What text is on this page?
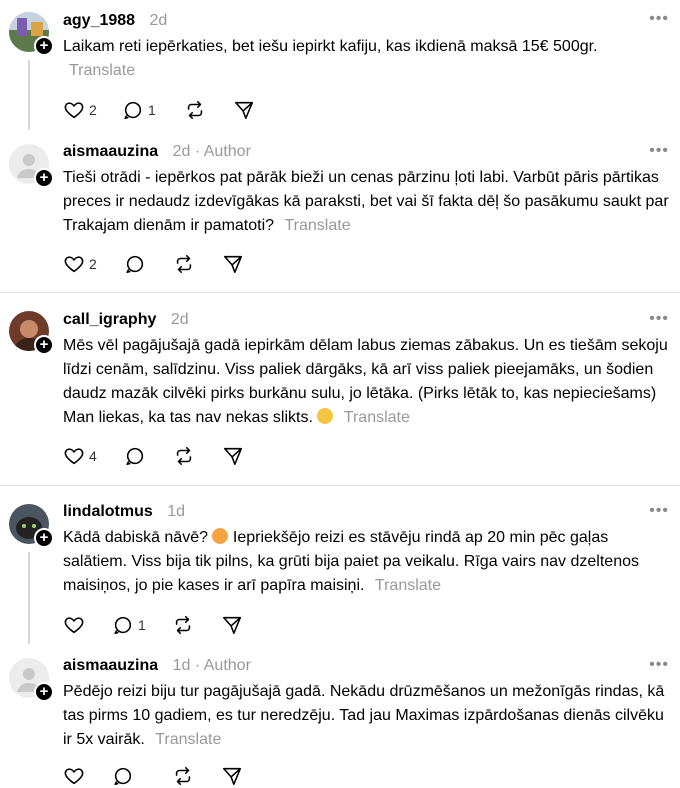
+
agy_1988 2d	•••
Laikam reti iepērkaties, bet iešu iepirkt kafiju, kas ikdienā maksā 15€ 500gr. Translate
2	1
+
aismaauzina 2d · Author	•••
Tieši otrādi - iepērkos pat pārāk bieži un cenas pārzinu ļoti labi. Varbūt pāris pārtikas preces ir nedaudz izdevīgākas kā paraksti, bet vai šī fakta dēļ šo pasākumu saukt par Trakajam dienām ir pamatoti? Translate
2
+
call_igraphy 2d	•••
Mēs vēl pagājušajā gadā iepirkām dēlam labus ziemas zābakus. Un es tiešām sekoju līdzi cenām, salīdzinu. Viss paliek dārgāks, kā arī viss paliek pieejamāks, un šodien daudz mazāk cilvēki pirks burkānu sulu, jo lētāka. (Pirks lētāk to, kas nepieciešams) Man liekas, ka tas nav nekas slikts. Translate
4
+
lindalotmus 1d	•••
Kādā dabiskā nāvē? Iepriekšējo reizi es stāvēju rindā ap 20 min pēc gaļas salātiem. Viss bija tik pilns, ka grūti bija paiet pa veikalu. Rīga vairs nav dzeltenos maisiņos, jo pie kases ir arī papīra maisiņi. Translate
1
+
aismaauzina 1d · Author	•••
Pēdējo reizi biju tur pagājušajā gadā. Nekādu drūzmēšanos un mežonīgās rindas, kā tas pirms 10 gadiem, es tur neredzēju. Tad jau Maximas izpārdošanas dienās cilvēku ir 5x vairāk. Translate
